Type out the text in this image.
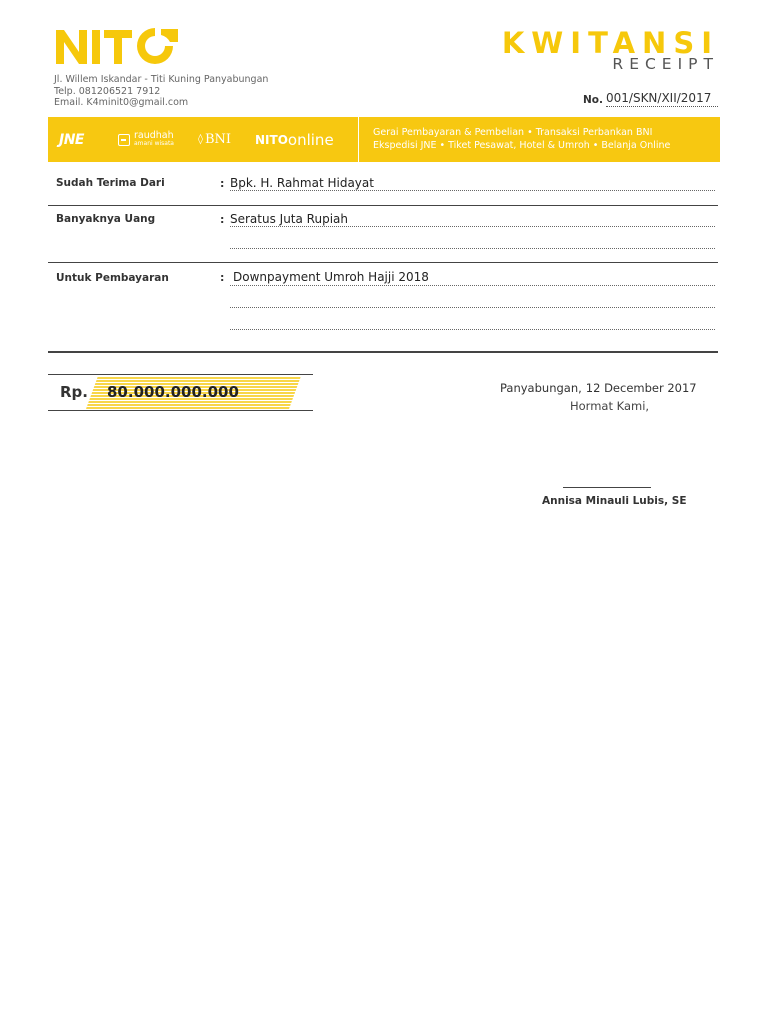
Jl. Willem Iskandar - Titi Kuning Panyabungan
Telp. 081206521 7912
Email. K4minit0@gmail.com
KWITANSI
RECEIPT
No. 001/SKN/XII/2017
JNE	raudhah
amani wisata ◊ BNI NITO o nline	Gerai Pembayaran & Pembelian • Transaksi Perbankan BNI
Ekspedisi JNE • Tiket Pesawat, Hotel & Umroh • Belanja Online
Sudah Terima Dari	: Bpk. H. Rahmat Hidayat
Banyaknya Uang	: Seratus Juta Rupiah
Untuk Pembayaran	: Downpayment Umroh Hajji 2018
Rp. 80.000.000.000	Panyabungan, 12 December 2017
Hormat Kami,
Annisa Minauli Lubis, SE
